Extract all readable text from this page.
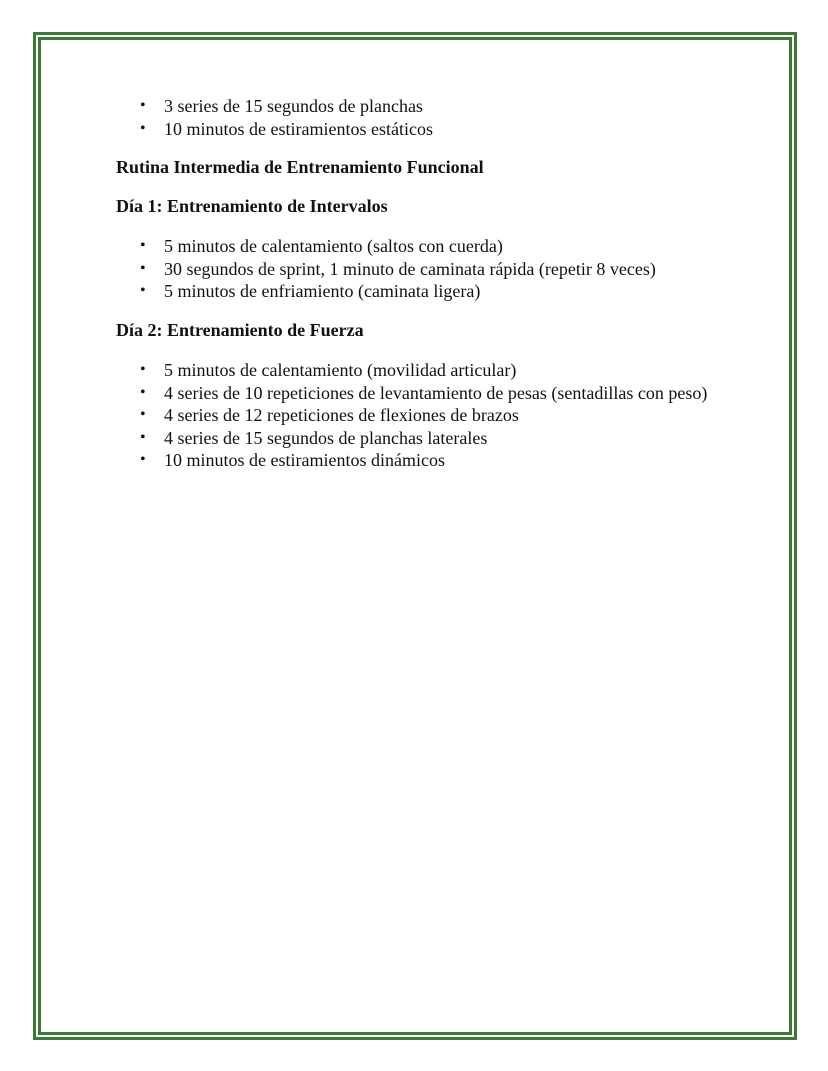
• 3 series de 15 segundos de planchas
• 10 minutos de estiramientos estáticos
Rutina Intermedia de Entrenamiento Funcional
Día 1: Entrenamiento de Intervalos
• 5 minutos de calentamiento (saltos con cuerda)
• 30 segundos de sprint, 1 minuto de caminata rápida (repetir 8 veces)
• 5 minutos de enfriamiento (caminata ligera)
Día 2: Entrenamiento de Fuerza
• 5 minutos de calentamiento (movilidad articular)
• 4 series de 10 repeticiones de levantamiento de pesas (sentadillas con peso)
• 4 series de 12 repeticiones de flexiones de brazos
• 4 series de 15 segundos de planchas laterales
• 10 minutos de estiramientos dinámicos
